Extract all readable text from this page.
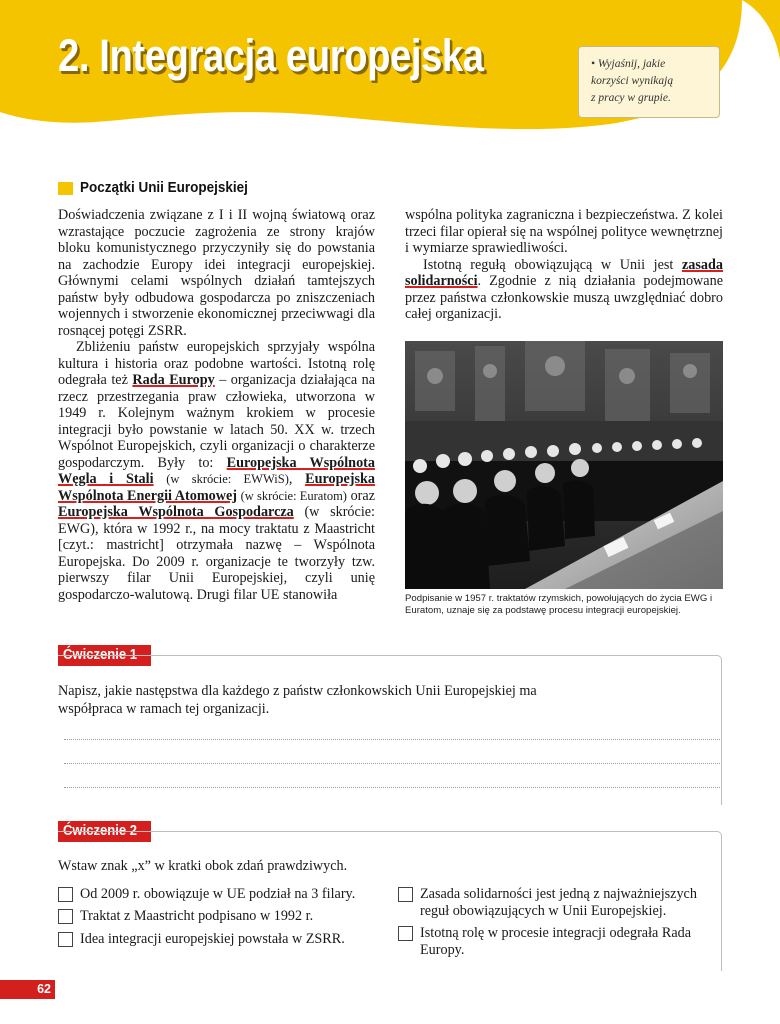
2. Integracja europejska	• Wyjaśnij, jakie
korzyści wynikają
z pracy w grupie.
Początki Unii Europejskiej

Doświadczenia związane z I i II wojną światową oraz wzrastające poczucie zagrożenia ze strony krajów bloku komunistycznego przyczyniły się do powstania na zachodzie Europy idei integracji europejskiej. Głównymi celami wspólnych działań tamtejszych państw były odbudowa gospodarcza po zniszczeniach wojennych i stworzenie ekonomicznej przeciwwagi dla rosnącej potęgi ZSRR.

Zbliżeniu państw europejskich sprzyjały wspólna kultura i historia oraz podobne wartości. Istotną rolę odegrała też Rada Europy – organizacja działająca na rzecz przestrzegania praw człowieka, utworzona w 1949 r. Kolejnym ważnym krokiem w procesie integracji było powstanie w latach 50. XX w. trzech Wspólnot Europejskich, czyli organizacji o charakterze gospodarczym. Były to: Europejska Wspólnota Węgla i Stali (w skrócie: EWWiS), Europejska Wspólnota Energii Atomowej (w skrócie: Euratom) oraz Europejska Wspólnota Gospodarcza (w skrócie: EWG), która w 1992 r., na mocy traktatu z Maastricht [czyt.: mastricht] otrzymała nazwę – Wspólnota Europejska. Do 2009 r. organizacje te tworzyły tzw. pierwszy filar Unii Europejskiej, czyli unię gospodarczo-walutową. Drugi filar UE stanowiła

wspólna polityka zagraniczna i bezpieczeństwa. Z kolei trzeci filar opierał się na wspólnej polityce wewnętrznej i wymiarze sprawiedliwości.

Istotną regułą obowiązującą w Unii jest zasada solidarności. Zgodnie z nią działania podejmowane przez państwa członkowskie muszą uwzględniać dobro całej organizacji.

Podpisanie w 1957 r. traktatów rzymskich, powołujących do życia EWG i Euratom, uznaje się za podstawę procesu integracji europejskiej.
Ćwiczenie 1
Napisz, jakie następstwa dla każdego z państw członkowskich Unii Europejskiej ma
współpraca w ramach tej organizacji.
Ćwiczenie 2
Wstaw znak „x” w kratki obok zdań prawdziwych.
Od 2009 r. obowiązuje w UE podział na 3 filary.
Traktat z Maastricht podpisano w 1992 r.
Idea integracji europejskiej powstała w ZSRR.
Zasada solidarności jest jedną z najważniejszych reguł obowiązujących w Unii Europejskiej.
Istotną rolę w procesie integracji odegrała Rada Europy.
62
